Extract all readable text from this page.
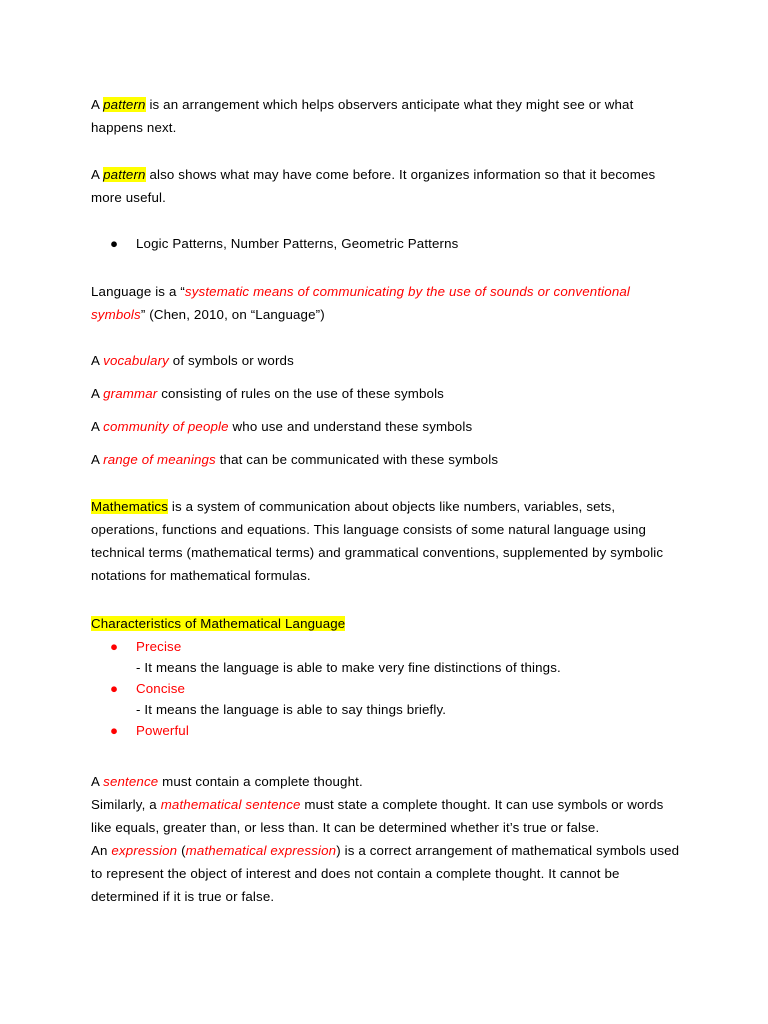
A pattern is an arrangement which helps observers anticipate what they might see or what happens next.

A pattern also shows what may have come before. It organizes information so that it becomes more useful.

● Logic Patterns, Number Patterns, Geometric Patterns

Language is a “systematic means of communicating by the use of sounds or conventional symbols” (Chen, 2010, on “Language”)

A vocabulary of symbols or words

A grammar consisting of rules on the use of these symbols

A community of people who use and understand these symbols

A range of meanings that can be communicated with these symbols

Mathematics is a system of communication about objects like numbers, variables, sets, operations, functions and equations. This language consists of some natural language using technical terms (mathematical terms) and grammatical conventions, supplemented by symbolic notations for mathematical formulas.

Characteristics of Mathematical Language

● Precise
- It means the language is able to make very fine distinctions of things.
● Concise
- It means the language is able to say things briefly.
● Powerful

A sentence must contain a complete thought.
Similarly, a mathematical sentence must state a complete thought. It can use symbols or words like equals, greater than, or less than. It can be determined whether it’s true or false.
An expression (mathematical expression) is a correct arrangement of mathematical symbols used to represent the object of interest and does not contain a complete thought. It cannot be determined if it is true or false.
